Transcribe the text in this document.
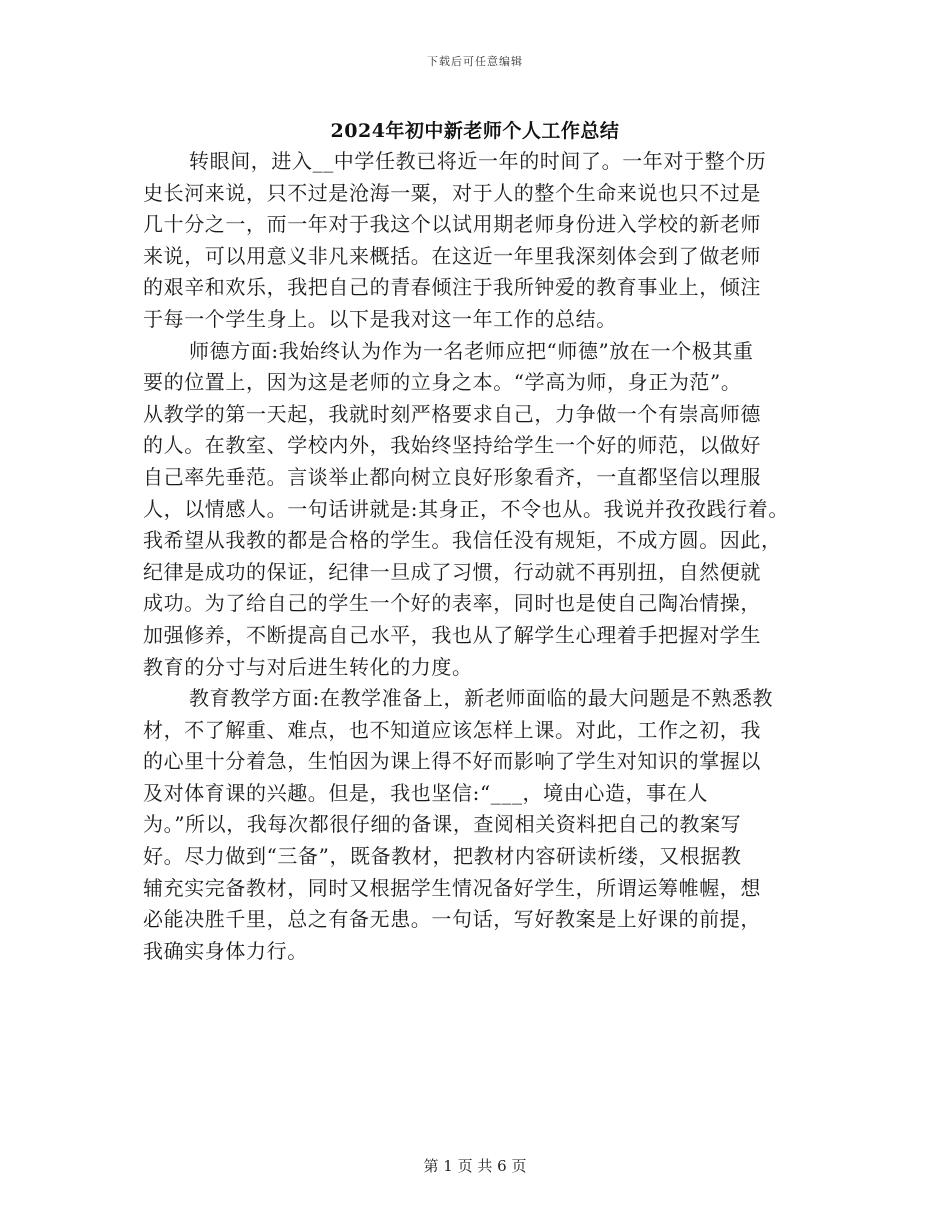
下载后可任意编辑
2024年初中新老师个人工作总结
转眼间，进入__中学任教已将近一年的时间了。一年对于整个历
史长河来说，只不过是沧海一粟，对于人的整个生命来说也只不过是
几十分之一，而一年对于我这个以试用期老师身份进入学校的新老师
来说，可以用意义非凡来概括。在这近一年里我深刻体会到了做老师
的艰辛和欢乐，我把自己的青春倾注于我所钟爱的教育事业上，倾注
于每一个学生身上。以下是我对这一年工作的总结。
师德方面:我始终认为作为一名老师应把“师德”放在一个极其重
要的位置上，因为这是老师的立身之本。“学高为师，身正为范”。
从教学的第一天起，我就时刻严格要求自己，力争做一个有崇高师德
的人。在教室、学校内外，我始终坚持给学生一个好的师范，以做好
自己率先垂范。言谈举止都向树立良好形象看齐，一直都坚信以理服
人，以情感人。一句话讲就是:其身正，不令也从。我说并孜孜践行着。
我希望从我教的都是合格的学生。我信任没有规矩，不成方圆。因此，
纪律是成功的保证，纪律一旦成了习惯，行动就不再别扭，自然便就
成功。为了给自己的学生一个好的表率，同时也是使自己陶冶情操，
加强修养，不断提高自己水平，我也从了解学生心理着手把握对学生
教育的分寸与对后进生转化的力度。
教育教学方面:在教学准备上，新老师面临的最大问题是不熟悉教
材，不了解重、难点，也不知道应该怎样上课。对此，工作之初，我
的心里十分着急，生怕因为课上得不好而影响了学生对知识的掌握以
及对体育课的兴趣。但是，我也坚信:“___，境由心造，事在人
为。”所以，我每次都很仔细的备课，查阅相关资料把自己的教案写
好。尽力做到“三备”，既备教材，把教材内容研读析缕，又根据教
辅充实完备教材，同时又根据学生情况备好学生，所谓运筹帷幄，想
必能决胜千里，总之有备无患。一句话，写好教案是上好课的前提，
我确实身体力行。
第 1 页 共 6 页
